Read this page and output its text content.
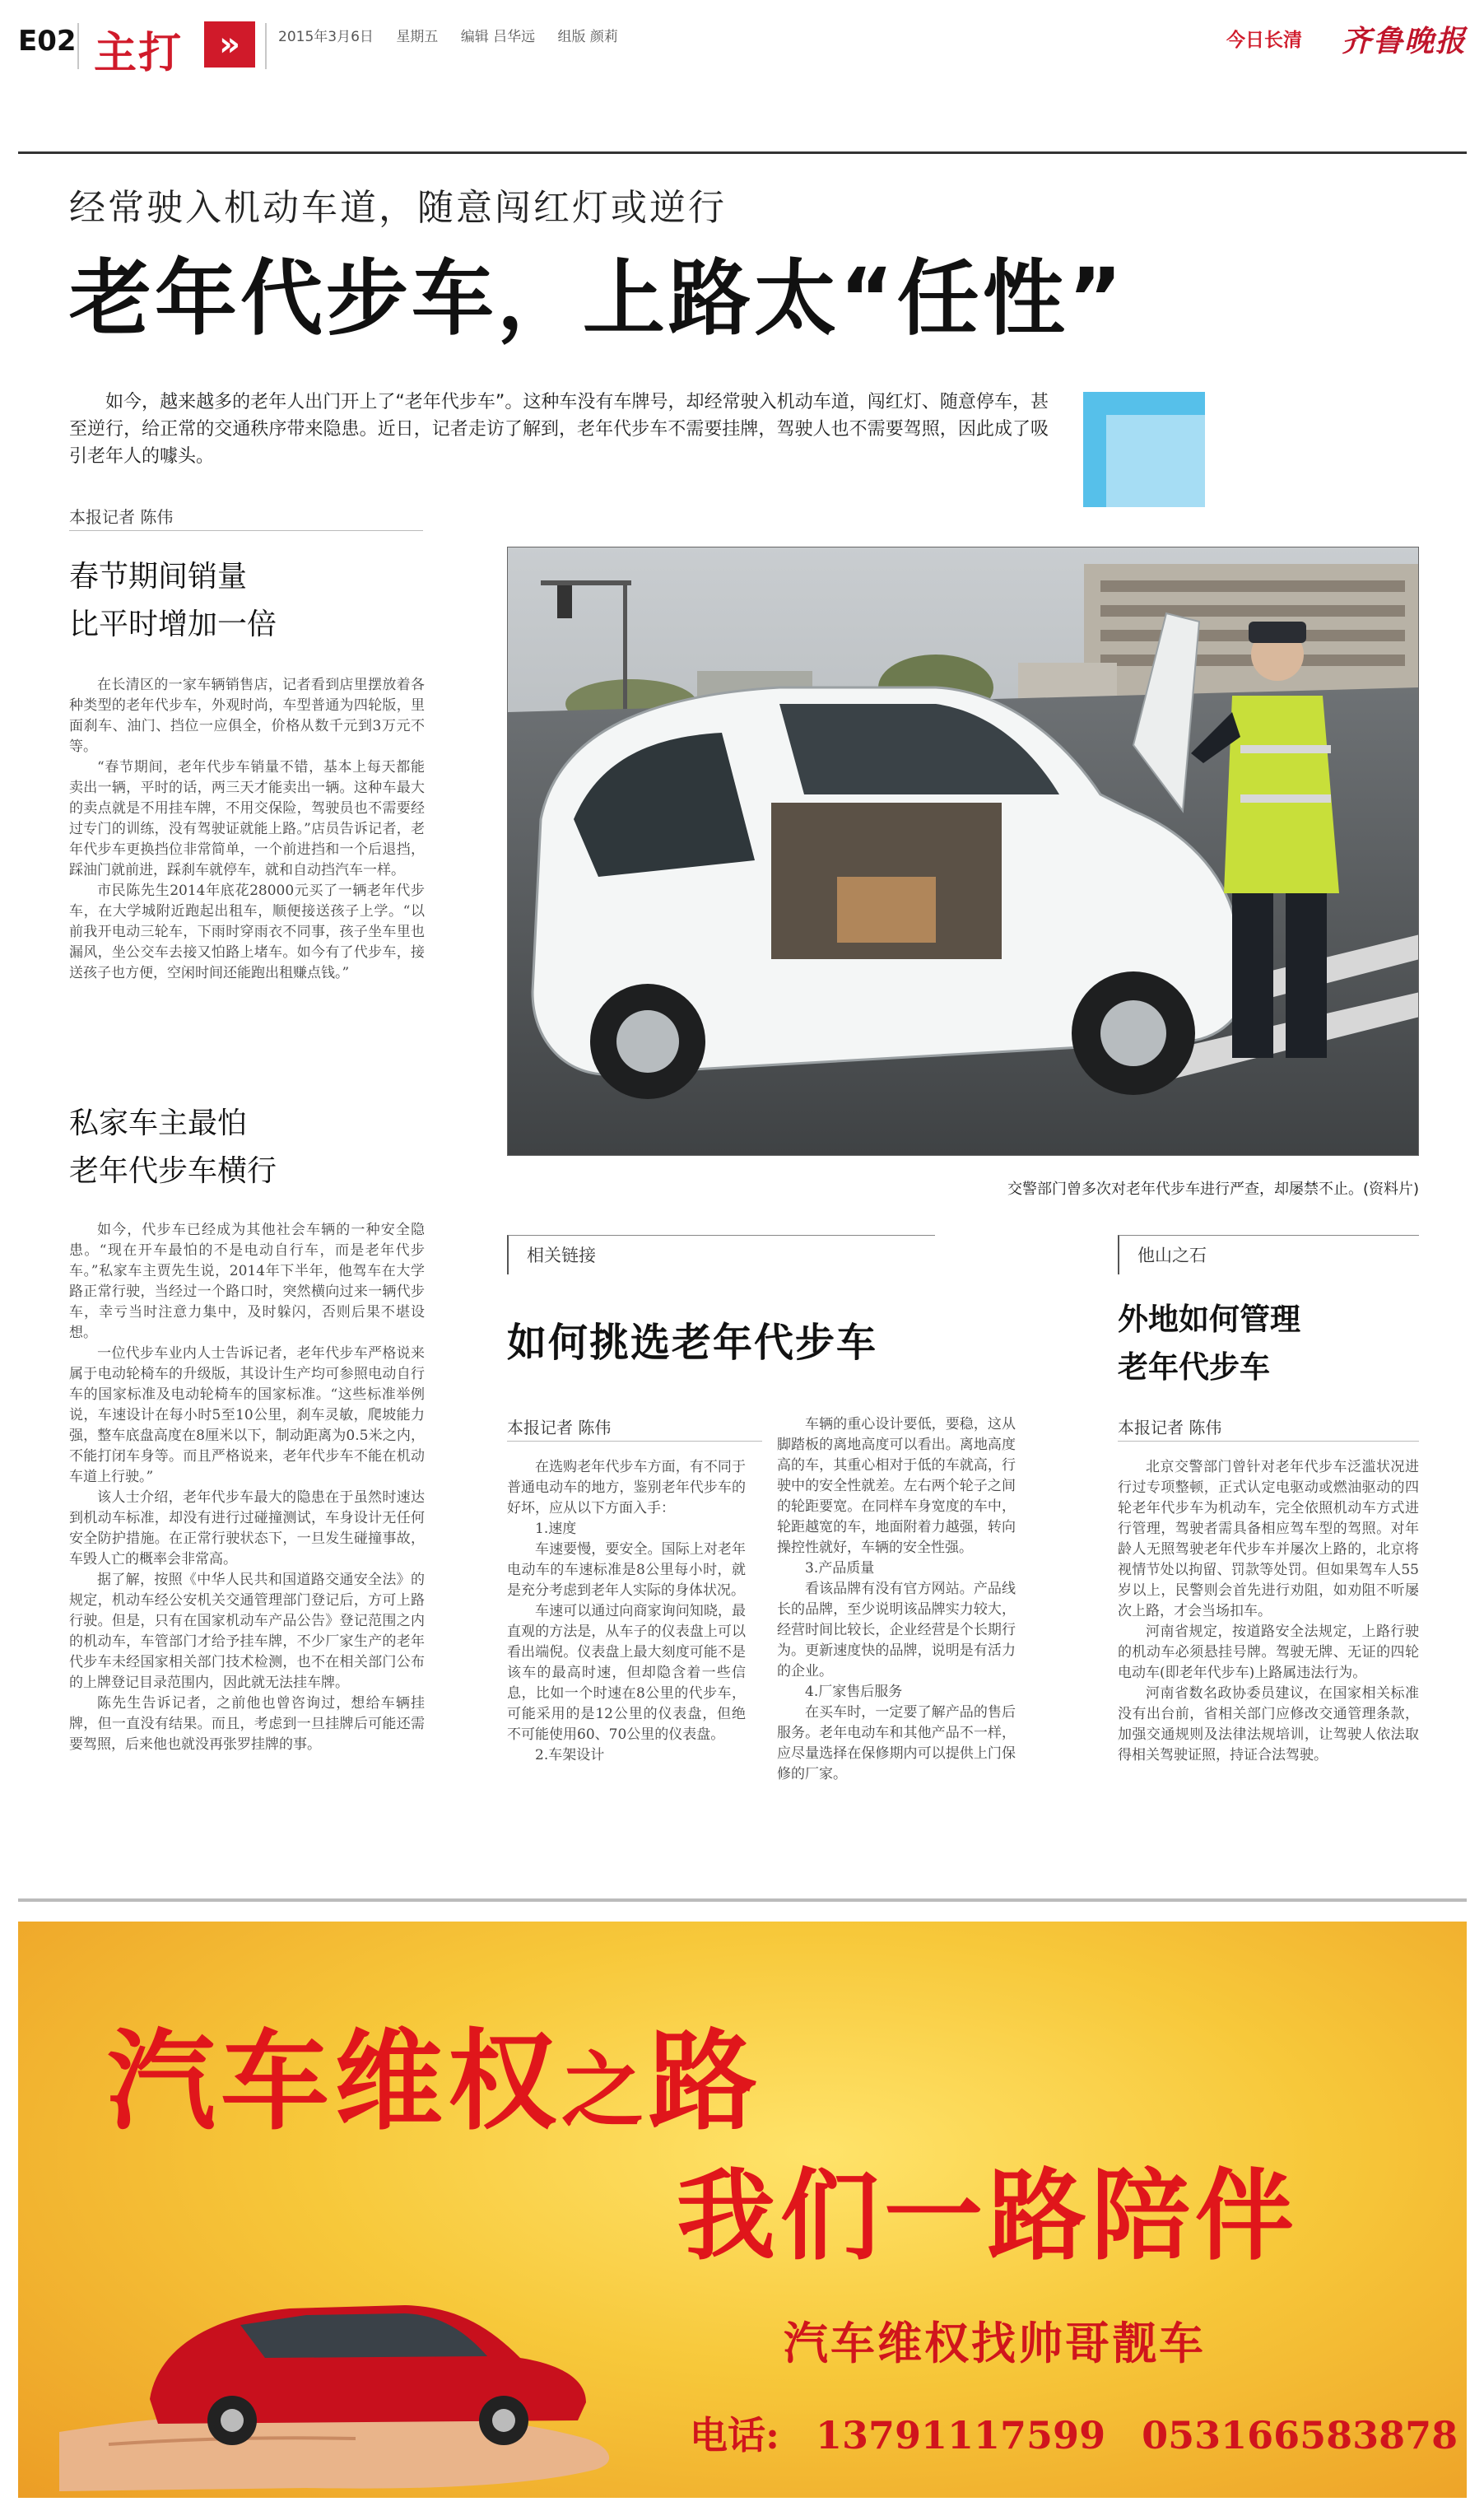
E02 主打	»	2015年3月6日 星期五 编辑 吕华远 组版 颜莉	今日长清 齐鲁晚报
经常驶入机动车道，随意闯红灯或逆行
老年代步车，上路太“任性”
如今，越来越多的老年人出门开上了“老年代步车”。这种车没有车牌号，却经常驶入机动车道，闯红灯、随意停车，甚至逆行，给正常的交通秩序带来隐患。近日，记者走访了解到，老年代步车不需要挂牌，驾驶人也不需要驾照，因此成了吸引老年人的噱头。
本报记者 陈伟
春节期间销量
比平时增加一倍

在长清区的一家车辆销售店，记者看到店里摆放着各种类型的老年代步车，外观时尚，车型普通为四轮版，里面刹车、油门、挡位一应俱全，价格从数千元到3万元不等。

“春节期间，老年代步车销量不错，基本上每天都能卖出一辆，平时的话，两三天才能卖出一辆。这种车最大的卖点就是不用挂车牌，不用交保险，驾驶员也不需要经过专门的训练，没有驾驶证就能上路。”店员告诉记者，老年代步车更换挡位非常简单，一个前进挡和一个后退挡，踩油门就前进，踩刹车就停车，就和自动挡汽车一样。

市民陈先生2014年底花28000元买了一辆老年代步车，在大学城附近跑起出租车，顺便接送孩子上学。“以前我开电动三轮车，下雨时穿雨衣不同事，孩子坐车里也漏风，坐公交车去接又怕路上堵车。如今有了代步车，接送孩子也方便，空闲时间还能跑出租赚点钱。”

私家车主最怕
老年代步车横行

如今，代步车已经成为其他社会车辆的一种安全隐患。“现在开车最怕的不是电动自行车，而是老年代步车。”私家车主贾先生说，2014年下半年，他驾车在大学路正常行驶，当经过一个路口时，突然横向过来一辆代步车，幸亏当时注意力集中，及时躲闪，否则后果不堪设想。

一位代步车业内人士告诉记者，老年代步车严格说来属于电动轮椅车的升级版，其设计生产均可参照电动自行车的国家标准及电动轮椅车的国家标准。“这些标准举例说，车速设计在每小时5至10公里，刹车灵敏，爬坡能力强，整车底盘高度在8厘米以下，制动距离为0.5米之内，不能打闭车身等。而且严格说来，老年代步车不能在机动车道上行驶。”

该人士介绍，老年代步车最大的隐患在于虽然时速达到机动车标准，却没有进行过碰撞测试，车身设计无任何安全防护措施。在正常行驶状态下，一旦发生碰撞事故，车毁人亡的概率会非常高。

据了解，按照《中华人民共和国道路交通安全法》的规定，机动车经公安机关交通管理部门登记后，方可上路行驶。但是，只有在国家机动车产品公告》登记范围之内的机动车，车管部门才给予挂车牌，不少厂家生产的老年代步车未经国家相关部门技术检测，也不在相关部门公布的上牌登记目录范围内，因此就无法挂车牌。

陈先生告诉记者，之前他也曾咨询过，想给车辆挂牌，但一直没有结果。而且，考虑到一旦挂牌后可能还需要驾照，后来他也就没再张罗挂牌的事。

交警部门曾多次对老年代步车进行严查，却屡禁不止。(资料片)
相关链接
如何挑选老年代步车
本报记者 陈伟

在选购老年代步车方面，有不同于普通电动车的地方，鉴别老年代步车的好坏，应从以下方面入手：

1.速度

车速要慢，要安全。国际上对老年电动车的车速标准是8公里每小时，就是充分考虑到老年人实际的身体状况。

车速可以通过向商家询问知晓，最直观的方法是，从车子的仪表盘上可以看出端倪。仪表盘上最大刻度可能不是该车的最高时速，但却隐含着一些信息，比如一个时速在8公里的代步车，可能采用的是12公里的仪表盘，但绝不可能使用60、70公里的仪表盘。

2.车架设计

车辆的重心设计要低，要稳，这从脚踏板的离地高度可以看出。离地高度高的车，其重心相对于低的车就高，行驶中的安全性就差。左右两个轮子之间的轮距要宽。在同样车身宽度的车中，轮距越宽的车，地面附着力越强，转向操控性就好，车辆的安全性强。

3.产品质量

看该品牌有没有官方网站。产品线长的品牌，至少说明该品牌实力较大，经营时间比较长，企业经营是个长期行为。更新速度快的品牌，说明是有活力的企业。

4.厂家售后服务

在买车时，一定要了解产品的售后服务。老年电动车和其他产品不一样，应尽量选择在保修期内可以提供上门保修的厂家。

他山之石
外地如何管理
老年代步车
本报记者 陈伟

北京交警部门曾针对老年代步车泛滥状况进行过专项整顿，正式认定电驱动或燃油驱动的四轮老年代步车为机动车，完全依照机动车方式进行管理，驾驶者需具备相应驾车型的驾照。对年龄人无照驾驶老年代步车并屡次上路的，北京将视情节处以拘留、罚款等处罚。但如果驾车人55岁以上，民警则会首先进行劝阻，如劝阻不听屡次上路，才会当场扣车。

河南省规定，按道路安全法规定，上路行驶的机动车必须悬挂号牌。驾驶无牌、无证的四轮电动车(即老年代步车)上路属违法行为。

河南省数名政协委员建议，在国家相关标准没有出台前，省相关部门应修改交通管理条款，加强交通规则及法律法规培训，让驾驶人依法取得相关驾驶证照，持证合法驾驶。

汽车维权之路
我们一路陪伴
汽车维权找帅哥靓车
电话: 13791117599 053166583878
